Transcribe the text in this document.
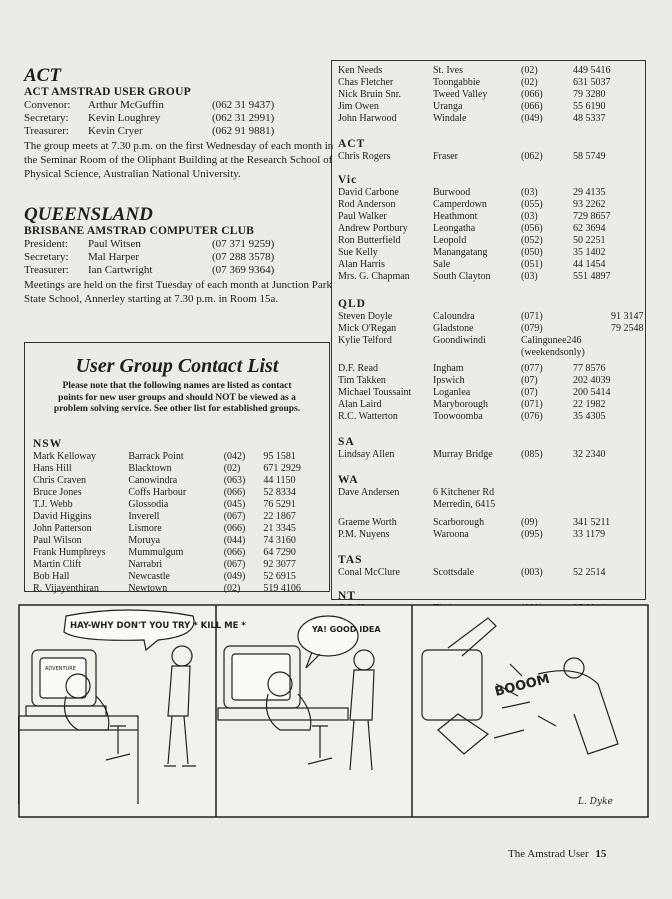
ACT
ACT AMSTRAD USER GROUP
Convenor:	Arthur McGuffin	(062 31 9437)
Secretary:	Kevin Loughrey	(062 31 2991)
Treasurer:	Kevin Cryer	(062 91 9881)
The group meets at 7.30 p.m. on the first Wednesday of each month in the Seminar Room of the Oliphant Building at the Research School of Physical Science, Australian National University.
QUEENSLAND
BRISBANE AMSTRAD COMPUTER CLUB
President:	Paul Witsen	(07 371 9259)
Secretary:	Mal Harper	(07 288 3578)
Treasurer:	Ian Cartwright	(07 369 9364)
Meetings are held on the first Tuesday of each month at Junction Park State School, Annerley starting at 7.30 p.m. in Room 15a.
User Group Contact List
Please note that the following names are listed as contact points for new user groups and should NOT be viewed as a problem solving service. See other list for established groups.
NSW
Mark Kelloway	Barrack Point	(042)	95 1581
Hans Hill	Blacktown	(02)	671 2929
Chris Craven	Canowindra	(063)	44 1150
Bruce Jones	Coffs Harbour	(066)	52 8334
T.J. Webb	Glossodia	(045)	76 5291
David Higgins	Inverell	(067)	22 1867
John Patterson	Lismore	(066)	21 3345
Paul Wilson	Moruya	(044)	74 3160
Frank Humphreys	Mummulgum	(066)	64 7290
Martin Clift	Narrabri	(067)	92 3077
Bob Hall	Newcastle	(049)	52 6915
R. Vijayenthiran	Newtown	(02)	519 4106
Ken Needs	St. Ives	(02)	449 5416
Chas Fletcher	Toongabbie	(02)	631 5037
Nick Bruin Snr.	Tweed Valley	(066)	79 3280
Jim Owen	Uranga	(066)	55 6190
John Harwood	Windale	(049)	48 5337
ACT
Chris Rogers	Fraser	(062)	58 5749
Vic
David Carbone	Burwood	(03)	29 4135
Rod Anderson	Camperdown	(055)	93 2262
Paul Walker	Heathmont	(03)	729 8657
Andrew Portbury	Leongatha	(056)	62 3694
Ron Butterfield	Leopold	(052)	50 2251
Sue Kelly	Manangatang	(050)	35 1402
Alan Harris	Sale	(051)	44 1454
Mrs. G. Chapman	South Clayton	(03)	551 4897
QLD
Steven Doyle	Caloundra	(071)	91 3147
Mick O'Regan	Gladstone	(079)	79 2548
Kylie Telford	Goondiwindi	Calingunee246
(weekendsonly)
D.F. Read	Ingham	(077)	77 8576
Tim Takken	Ipswich	(07)	202 4039
Michael Toussaint	Loganlea	(07)	200 5414
Alan Laird	Maryborough	(071)	22 1982
R.C. Watterton	Toowoomba	(076)	35 4305
SA
Lindsay Allen	Murray Bridge	(085)	32 2340
WA
Dave Andersen	6 Kitchener Rd
Merredin, 6415
Graeme Worth	Scarborough	(09)	341 5211
P.M. Nuyens	Waroona	(095)	33 1179
TAS
Conal McClure	Scottsdale	(003)	52 2514
NT
HAY-WHY DON'T YOU TRY * KILL ME *
ADVENTURE
YA! GOOD IDEA
BOOOM
L. Dyke
The Amstrad User 15
